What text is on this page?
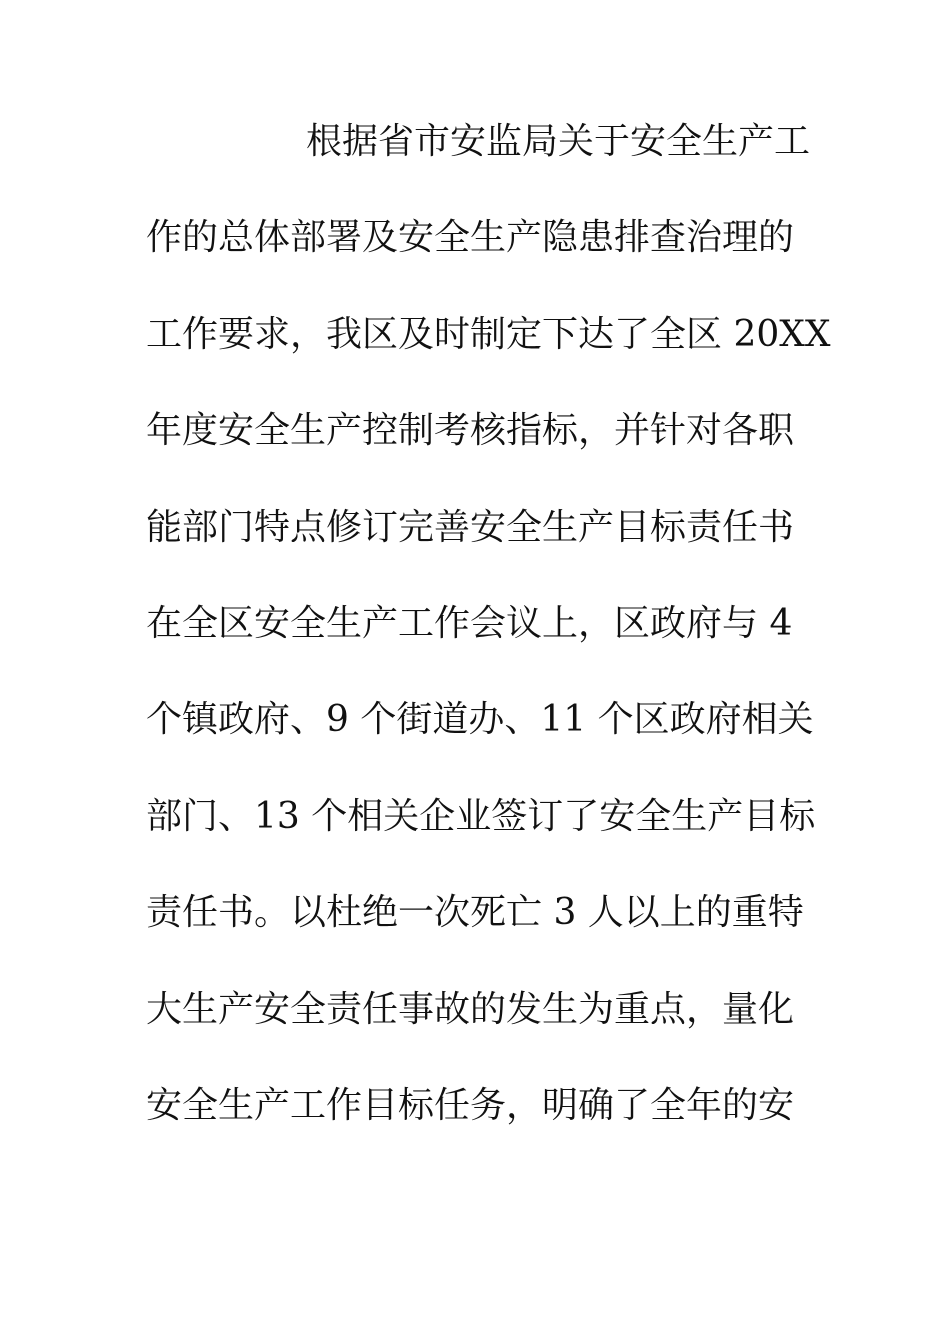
根据省市安监局关于安全生产工
作的总体部署及安全生产隐患排查治理的
工作要求，我区及时制定下达了全区 20XX
年度安全生产控制考核指标，并针对各职
能部门特点修订完善安全生产目标责任书
在全区安全生产工作会议上，区政府与 4
个镇政府、9 个街道办、11 个区政府相关
部门、13 个相关企业签订了安全生产目标
责任书。以杜绝一次死亡 3 人以上的重特
大生产安全责任事故的发生为重点，量化
安全生产工作目标任务，明确了全年的安
